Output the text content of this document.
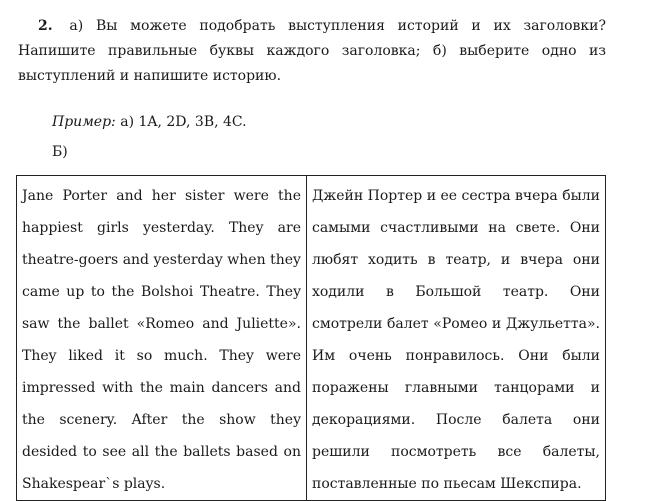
2. а) Вы можете подобрать выступления историй и их заголовки? Напишите правильные буквы каждого заголовка; б) выберите одно из выступлений и напишите историю.
Пример: а) 1A, 2D, 3B, 4C.
Б)
Jane Porter and her sister were the happiest girls yesterday. They are theatre-goers and yesterday when they came up to the Bolshoi Theatre. They saw the ballet «Romeo and Juliette». They liked it so much. They were impressed with the main dancers and the scenery. After the show they desided to see all the ballets based on Shakespear`s plays.	Джейн Портер и ее сестра вчера были самыми счастливыми на свете. Они любят ходить в театр, и вчера они ходили в Большой театр. Они смотрели балет «Ромео и Джульетта». Им очень понравилось. Они были поражены главными танцорами и декорациями. После балета они решили посмотреть все балеты, поставленные по пьесам Шекспира.
